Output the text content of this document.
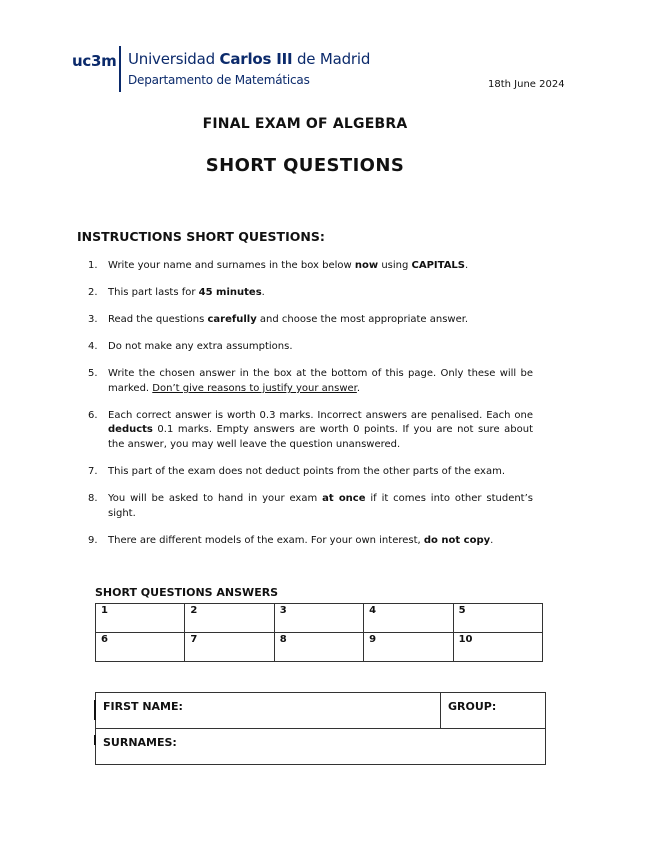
uc3m Universidad Carlos III de Madrid
Departamento de Matemáticas	18th June 2024
FINAL EXAM OF ALGEBRA
SHORT QUESTIONS
INSTRUCTIONS SHORT QUESTIONS:
1.	Write your name and surnames in the box below now using CAPITALS.
2.	This part lasts for 45 minutes.
3.	Read the questions carefully and choose the most appropriate answer.
4.	Do not make any extra assumptions.
5.	Write the chosen answer in the box at the bottom of this page. Only these will be marked. Don’t give reasons to justify your answer.
6.	Each correct answer is worth 0.3 marks. Incorrect answers are penalised. Each one deducts 0.1 marks. Empty answers are worth 0 points. If you are not sure about the answer, you may well leave the question unanswered.
7.	This part of the exam does not deduct points from the other parts of the exam.
8.	You will be asked to hand in your exam at once if it comes into other student’s sight.
9.	There are different models of the exam. For your own interest, do not copy.
SHORT QUESTIONS ANSWERS
1	2	3	4	5
6	7	8	9	10
FIRST NAME:	GROUP:
SURNAMES:
